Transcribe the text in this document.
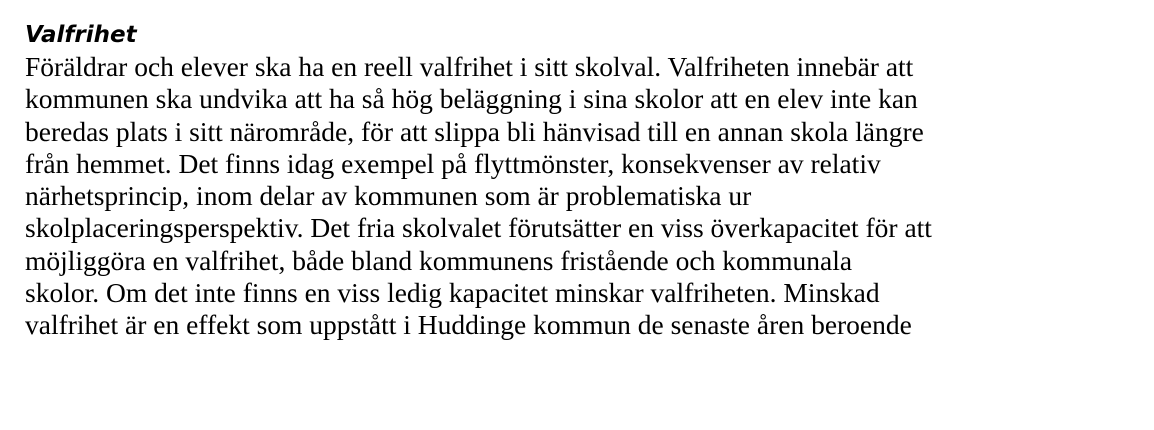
Valfrihet
Föräldrar och elever ska ha en reell valfrihet i sitt skolval. Valfriheten innebär att
kommunen ska undvika att ha så hög beläggning i sina skolor att en elev inte kan
beredas plats i sitt närområde, för att slippa bli hänvisad till en annan skola längre
från hemmet. Det finns idag exempel på flyttmönster, konsekvenser av relativ
närhetsprincip, inom delar av kommunen som är problematiska ur
skolplaceringsperspektiv. Det fria skolvalet förutsätter en viss överkapacitet för att
möjliggöra en valfrihet, både bland kommunens fristående och kommunala
skolor. Om det inte finns en viss ledig kapacitet minskar valfriheten. Minskad
valfrihet är en effekt som uppstått i Huddinge kommun de senaste åren beroende
